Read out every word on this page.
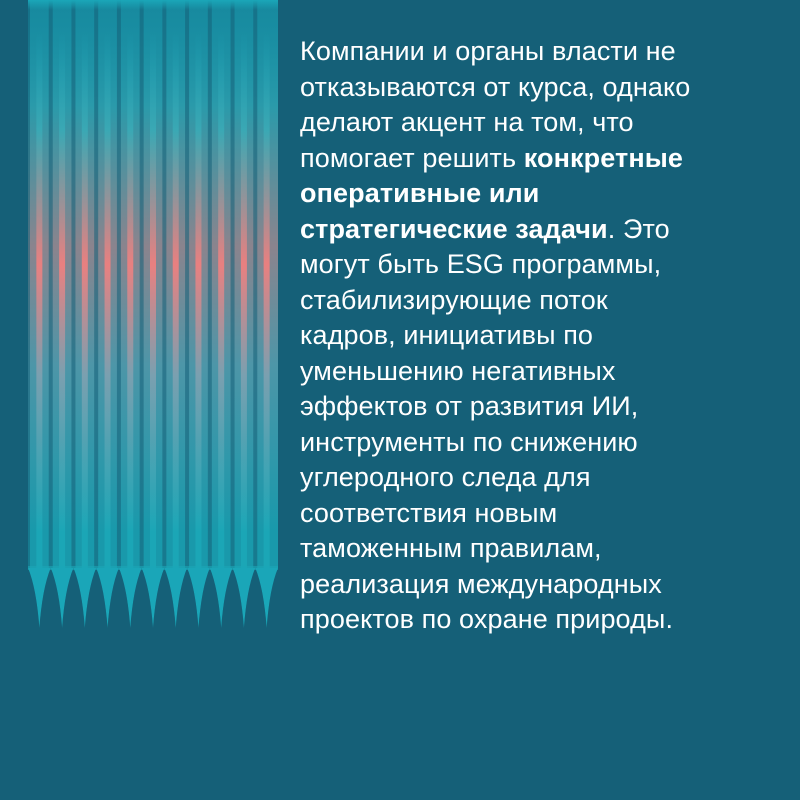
Компании и органы власти не
отказываются от курса, однако
делают акцент на том, что
помогает решить конкретные
оперативные или
стратегические задачи. Это
могут быть ESG программы,
стабилизирующие поток
кадров, инициативы по
уменьшению негативных
эффектов от развития ИИ,
инструменты по снижению
углеродного следа для
соответствия новым
таможенным правилам,
реализация международных
проектов по охране природы.
